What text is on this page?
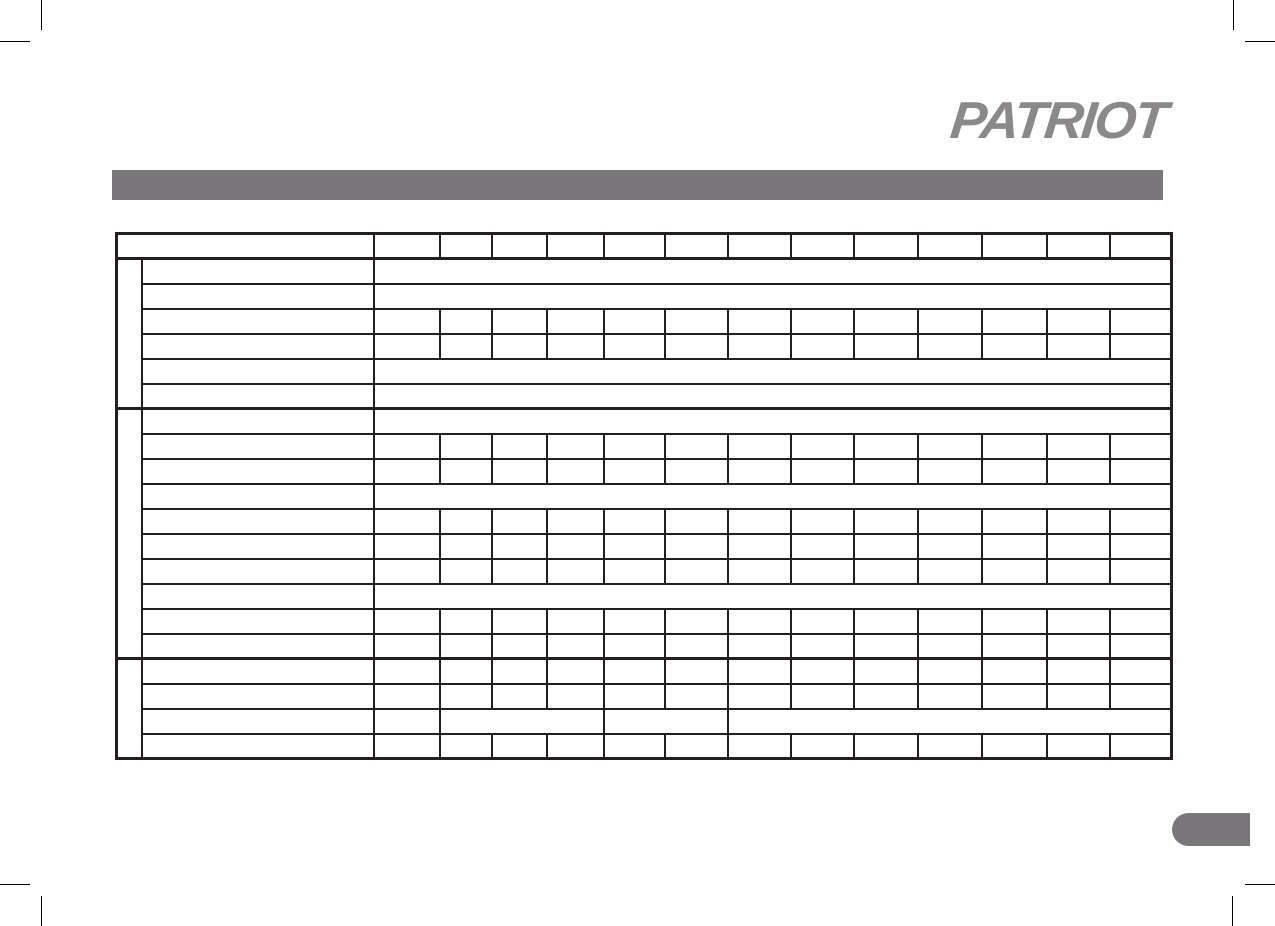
PATRIOT
